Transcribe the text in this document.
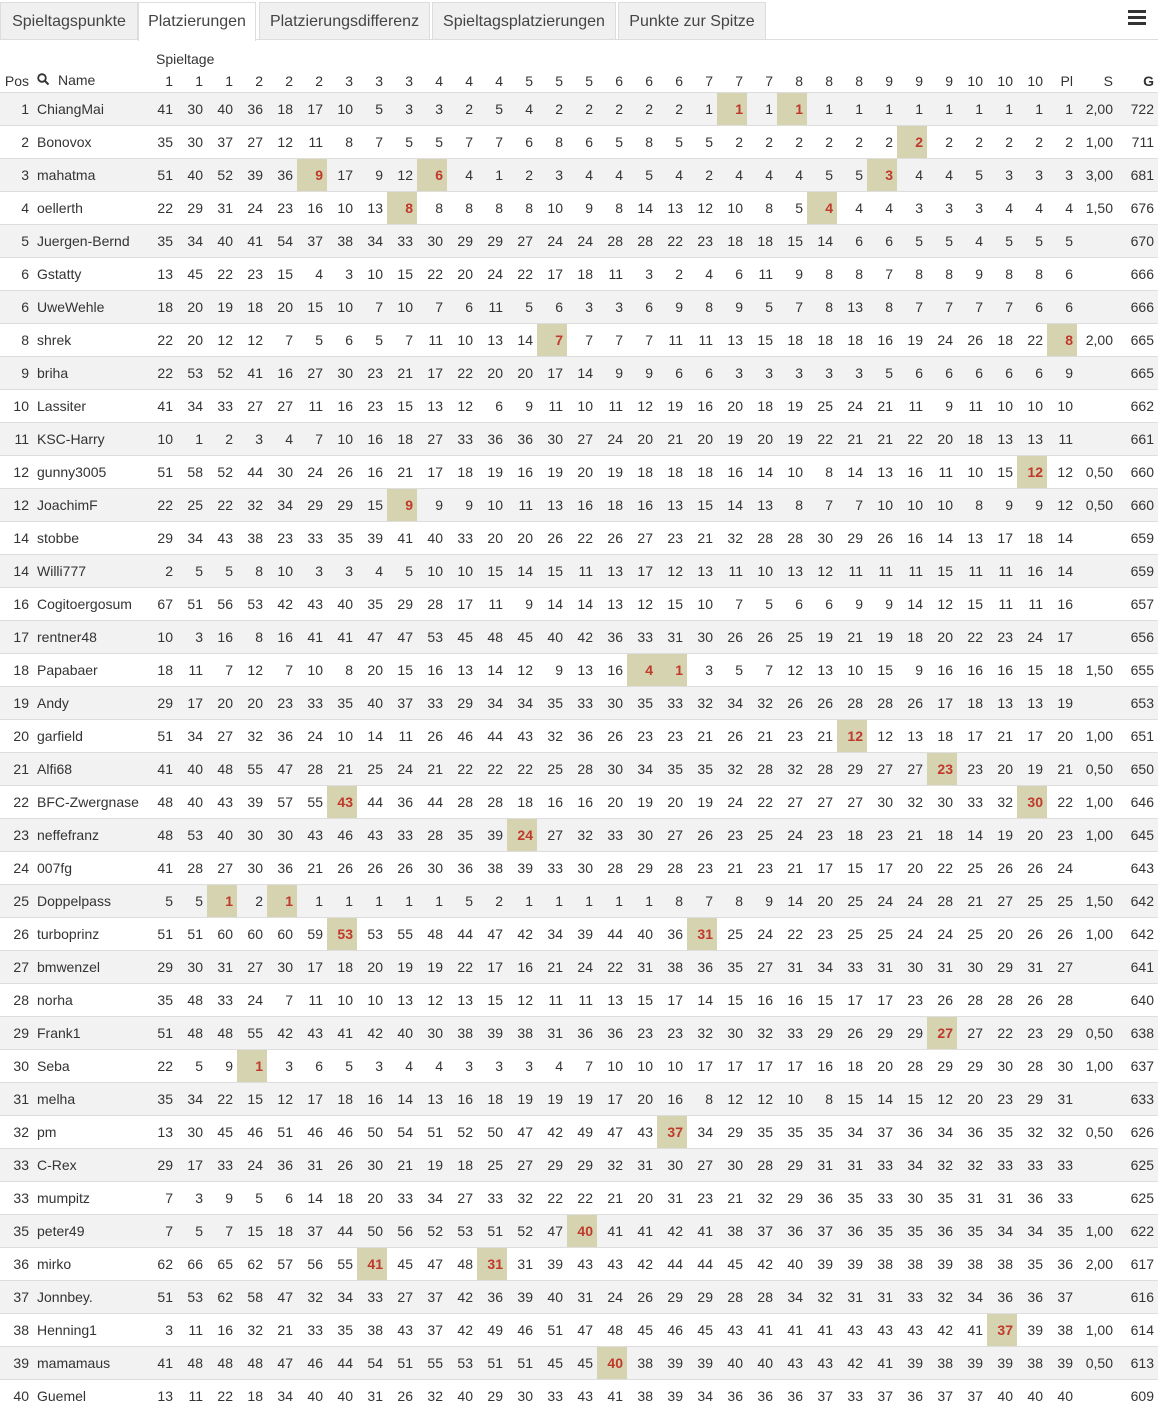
Spieltagspunkte	Platzierungen	Platzierungsdifferenz	Spieltagsplatzierungen	Punkte zur Spitze
Spieltage
Pos	Name	1	1	1	2	2	2	3	3	3	4	4	4	5	5	5	6	6	6	7	7	7	8	8	8	9	9	9	10	10	10	Pl	S	G
1	ChiangMai	41	30	40	36	18	17	10	5	3	3	2	5	4	2	2	2	2	2	1	1	1	1	1	1	1	1	1	1	1	1	1	2,00	722
2	Bonovox	35	30	37	27	12	11	8	7	5	5	7	7	6	8	6	5	8	5	5	2	2	2	2	2	2	2	2	2	2	2	2	1,00	711
3	mahatma	51	40	52	39	36	9	17	9	12	6	4	1	2	3	4	4	5	4	2	4	4	4	5	5	3	4	4	5	3	3	3	3,00	681
4	oellerth	22	29	31	24	23	16	10	13	8	8	8	8	8	10	9	8	14	13	12	10	8	5	4	4	4	3	3	3	4	4	4	1,50	676
5	Juergen-Bernd	35	34	40	41	54	37	38	34	33	30	29	29	27	24	24	28	28	22	23	18	18	15	14	6	6	5	5	4	5	5	5		670
6	Gstatty	13	45	22	23	15	4	3	10	15	22	20	24	22	17	18	11	3	2	4	6	11	9	8	8	7	8	8	9	8	8	6		666
6	UweWehle	18	20	19	18	20	15	10	7	10	7	6	11	5	6	3	3	6	9	8	9	5	7	8	13	8	7	7	7	7	6	6		666
8	shrek	22	20	12	12	7	5	6	5	7	11	10	13	14	7	7	7	7	11	11	13	15	18	18	18	16	19	24	26	18	22	8	2,00	665
9	briha	22	53	52	41	16	27	30	23	21	17	22	20	20	17	14	9	9	6	6	3	3	3	3	3	5	6	6	6	6	6	9		665
10	Lassiter	41	34	33	27	27	11	16	23	15	13	12	6	9	11	10	11	12	19	16	20	18	19	25	24	21	11	9	11	10	10	10		662
11	KSC-Harry	10	1	2	3	4	7	10	16	18	27	33	36	36	30	27	24	20	21	20	19	20	19	22	21	21	22	20	18	13	13	11		661
12	gunny3005	51	58	52	44	30	24	26	16	21	17	18	19	16	19	20	19	18	18	18	16	14	10	8	14	13	16	11	10	15	12	12	0,50	660
12	JoachimF	22	25	22	32	34	29	29	15	9	9	9	10	11	13	16	18	16	13	15	14	13	8	7	7	10	10	10	8	9	9	12	0,50	660
14	stobbe	29	34	43	38	23	33	35	39	41	40	33	20	20	26	22	26	27	23	21	32	28	28	30	29	26	16	14	13	17	18	14		659
14	Willi777	2	5	5	8	10	3	3	4	5	10	10	15	14	15	11	13	17	12	13	11	10	13	12	11	11	11	15	11	11	16	14		659
16	Cogitoergosum	67	51	56	53	42	43	40	35	29	28	17	11	9	14	14	13	12	15	10	7	5	6	6	9	9	14	12	15	11	11	16		657
17	rentner48	10	3	16	8	16	41	41	47	47	53	45	48	45	40	42	36	33	31	30	26	26	25	19	21	19	18	20	22	23	24	17		656
18	Papabaer	18	11	7	12	7	10	8	20	15	16	13	14	12	9	13	16	4	1	3	5	7	12	13	10	15	9	16	16	16	15	18	1,50	655
19	Andy	29	17	20	20	23	33	35	40	37	33	29	34	34	35	33	30	35	33	32	34	32	26	26	28	28	26	17	18	13	13	19		653
20	garfield	51	34	27	32	36	24	10	14	11	26	46	44	43	32	36	26	23	23	21	26	21	23	21	12	12	13	18	17	21	17	20	1,00	651
21	Alfi68	41	40	48	55	47	28	21	25	24	21	22	22	22	25	28	30	34	35	35	32	28	32	28	29	27	27	23	23	20	19	21	0,50	650
22	BFC-Zwergnase	48	40	43	39	57	55	43	44	36	44	28	28	18	16	16	20	19	20	19	24	22	27	27	27	30	32	30	33	32	30	22	1,00	646
23	neffefranz	48	53	40	30	30	43	46	43	33	28	35	39	24	27	32	33	30	27	26	23	25	24	23	18	23	21	18	14	19	20	23	1,00	645
24	007fg	41	28	27	30	36	21	26	26	26	30	36	38	39	33	30	28	29	28	23	21	23	21	17	15	17	20	22	25	26	26	24		643
25	Doppelpass	5	5	1	2	1	1	1	1	1	1	5	2	1	1	1	1	1	8	7	8	9	14	20	25	24	24	28	21	27	25	25	1,50	642
26	turboprinz	51	51	60	60	60	59	53	53	55	48	44	47	42	34	39	44	40	36	31	25	24	22	23	25	25	24	24	25	20	26	26	1,00	642
27	bmwenzel	29	30	31	27	30	17	18	20	19	19	22	17	16	21	24	22	31	38	36	35	27	31	34	33	31	30	31	30	29	31	27		641
28	norha	35	48	33	24	7	11	10	10	13	12	13	15	12	11	11	13	15	17	14	15	16	16	15	17	17	23	26	28	28	26	28		640
29	Frank1	51	48	48	55	42	43	41	42	40	30	38	39	38	31	36	36	23	23	32	30	32	33	29	26	29	29	27	27	22	23	29	0,50	638
30	Seba	22	5	9	1	3	6	5	3	4	4	3	3	3	4	7	10	10	10	17	17	17	17	16	18	20	28	29	29	30	28	30	1,00	637
31	melha	35	34	22	15	12	17	18	16	14	13	16	18	19	19	19	17	20	16	8	12	12	10	8	15	14	15	12	20	23	29	31		633
32	pm	13	30	45	46	51	46	46	50	54	51	52	50	47	42	49	47	43	37	34	29	35	35	35	34	37	36	34	36	35	32	32	0,50	626
33	C-Rex	29	17	33	24	36	31	26	30	21	19	18	25	27	29	29	32	31	30	27	30	28	29	31	31	33	34	32	32	33	33	33		625
33	mumpitz	7	3	9	5	6	14	18	20	33	34	27	33	32	22	22	21	20	31	23	21	32	29	36	35	33	30	35	31	31	36	33		625
35	peter49	7	5	7	15	18	37	44	50	56	52	53	51	52	47	40	41	41	42	41	38	37	36	37	36	35	35	36	35	34	34	35	1,00	622
36	mirko	62	66	65	62	57	56	55	41	45	47	48	31	31	39	43	43	42	44	44	45	42	40	39	39	38	38	39	38	38	35	36	2,00	617
37	Jonnbey.	51	53	62	58	47	32	34	33	27	37	42	36	39	40	31	24	26	29	29	28	28	34	32	31	31	33	32	34	36	36	37		616
38	Henning1	3	11	16	32	21	33	35	38	43	37	42	49	46	51	47	48	45	46	45	43	41	41	41	43	43	43	42	41	37	39	38	1,00	614
39	mamamaus	41	48	48	48	47	46	44	54	51	55	53	51	51	45	45	40	38	39	39	40	40	43	43	42	41	39	38	39	39	38	39	0,50	613
40	Guemel	13	11	22	18	34	40	40	31	26	32	40	29	30	33	43	41	38	39	34	36	36	36	37	33	37	36	37	37	40	40	40		609
